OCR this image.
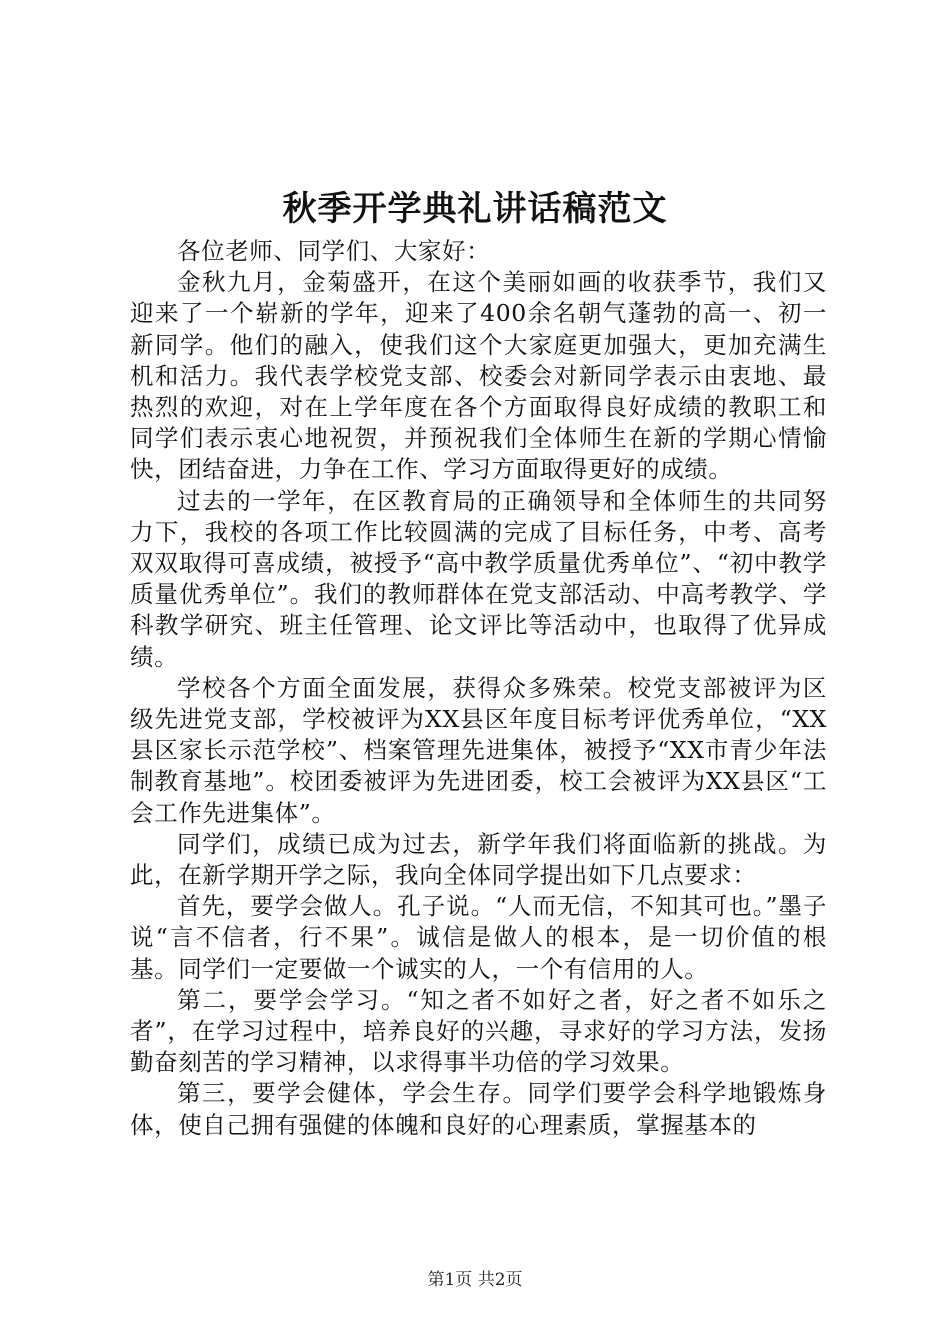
秋季开学典礼讲话稿范文

各位老师、同学们、大家好：

金秋九月，金菊盛开，在这个美丽如画的收获季节，我们又迎来了一个崭新的学年，迎来了400余名朝气蓬勃的高一、初一新同学。他们的融入，使我们这个大家庭更加强大，更加充满生机和活力。我代表学校党支部、校委会对新同学表示由衷地、最热烈的欢迎，对在上学年度在各个方面取得良好成绩的教职工和同学们表示衷心地祝贺，并预祝我们全体师生在新的学期心情愉快，团结奋进，力争在工作、学习方面取得更好的成绩。

过去的一学年，在区教育局的正确领导和全体师生的共同努力下，我校的各项工作比较圆满的完成了目标任务，中考、高考双双取得可喜成绩，被授予“高中教学质量优秀单位”、“初中教学质量优秀单位”。我们的教师群体在党支部活动、中高考教学、学科教学研究、班主任管理、论文评比等活动中，也取得了优异成绩。

学校各个方面全面发展，获得众多殊荣。校党支部被评为区级先进党支部，学校被评为XX县区年度目标考评优秀单位，“XX县区家长示范学校”、档案管理先进集体，被授予“XX市青少年法制教育基地”。校团委被评为先进团委，校工会被评为XX县区“工会工作先进集体”。

同学们，成绩已成为过去，新学年我们将面临新的挑战。为此，在新学期开学之际，我向全体同学提出如下几点要求：

首先，要学会做人。孔子说。“人而无信，不知其可也。”墨子说“言不信者，行不果”。诚信是做人的根本，是一切价值的根基。同学们一定要做一个诚实的人，一个有信用的人。

第二，要学会学习。“知之者不如好之者，好之者不如乐之者”，在学习过程中，培养良好的兴趣，寻求好的学习方法，发扬勤奋刻苦的学习精神，以求得事半功倍的学习效果。

第三，要学会健体，学会生存。同学们要学会科学地锻炼身体，使自己拥有强健的体魄和良好的心理素质，掌握基本的

第1页 共2页
